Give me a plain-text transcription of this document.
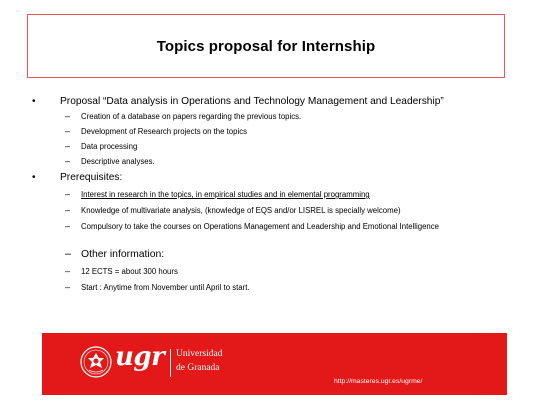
Topics proposal for Internship
• Proposal “Data analysis in Operations and Technology Management and Leadership”
– Creation of a database on papers regarding the previous topics.
– Development of Research projects on the topics
– Data processing
– Descriptive analyses.
• Prerequisites:
– Interest in research in the topics, in empirical studies and in elemental programming
– Knowledge of multivariate analysis, (knowledge of EQS and/or LISREL is specially welcome)
– Compulsory to take the courses on Operations Management and Leadership and Emotional Intelligence
– Other information:
– 12 ECTS = about 300 hours
– Start : Anytime from November until April to start.
ugr Universidad
de Granada
http://masteres.ugr.es/ugrme/
